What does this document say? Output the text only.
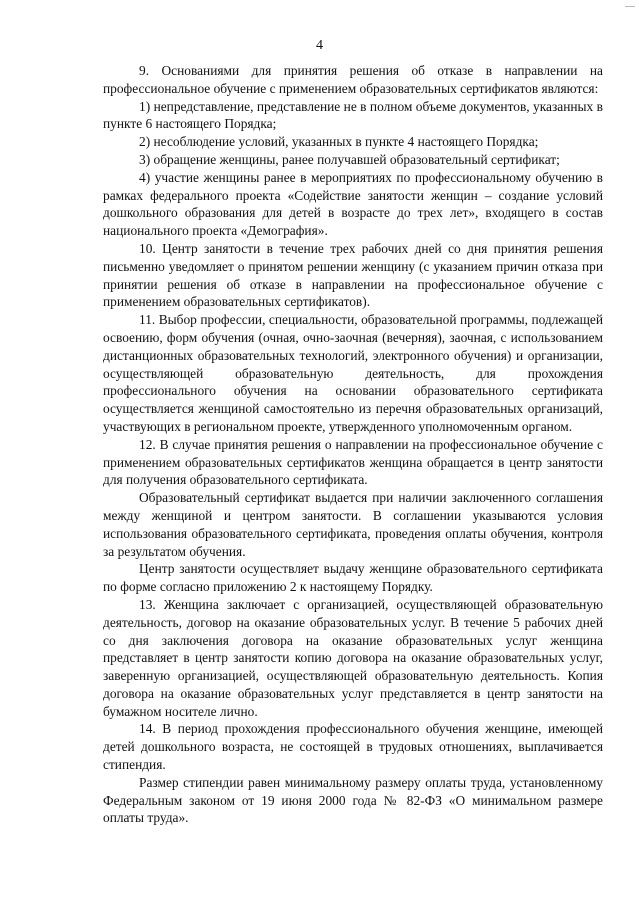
4

9. Основаниями для принятия решения об отказе в направлении на профессиональное обучение с применением образовательных сертификатов являются:

1) непредставление, представление не в полном объеме документов, указанных в пункте 6 настоящего Порядка;

2) несоблюдение условий, указанных в пункте 4 настоящего Порядка;

3) обращение женщины, ранее получавшей образовательный сертификат;

4) участие женщины ранее в мероприятиях по профессиональному обучению в рамках федерального проекта «Содействие занятости женщин – создание условий дошкольного образования для детей в возрасте до трех лет», входящего в состав национального проекта «Демография».

10. Центр занятости в течение трех рабочих дней со дня принятия решения письменно уведомляет о принятом решении женщину (с указанием причин отказа при принятии решения об отказе в направлении на профессиональное обучение с применением образовательных сертификатов).

11. Выбор профессии, специальности, образовательной программы, подлежащей освоению, форм обучения (очная, очно-заочная (вечерняя), заочная, с использованием дистанционных образовательных технологий, электронного обучения) и организации, осуществляющей образовательную деятельность, для прохождения профессионального обучения на основании образовательного сертификата осуществляется женщиной самостоятельно из перечня образовательных организаций, участвующих в региональном проекте, утвержденного уполномоченным органом.

12. В случае принятия решения о направлении на профессиональное обучение с применением образовательных сертификатов женщина обращается в центр занятости для получения образовательного сертификата.

Образовательный сертификат выдается при наличии заключенного соглашения между женщиной и центром занятости. В соглашении указываются условия использования образовательного сертификата, проведения оплаты обучения, контроля за результатом обучения.

Центр занятости осуществляет выдачу женщине образовательного сертификата по форме согласно приложению 2 к настоящему Порядку.

13. Женщина заключает с организацией, осуществляющей образовательную деятельность, договор на оказание образовательных услуг. В течение 5 рабочих дней со дня заключения договора на оказание образовательных услуг женщина представляет в центр занятости копию договора на оказание образовательных услуг, заверенную организацией, осуществляющей образовательную деятельность. Копия договора на оказание образовательных услуг представляется в центр занятости на бумажном носителе лично.

14. В период прохождения профессионального обучения женщине, имеющей детей дошкольного возраста, не состоящей в трудовых отношениях, выплачивается стипендия.

Размер стипендии равен минимальному размеру оплаты труда, установленному Федеральным законом от 19 июня 2000 года № 82-ФЗ «О минимальном размере оплаты труда».
